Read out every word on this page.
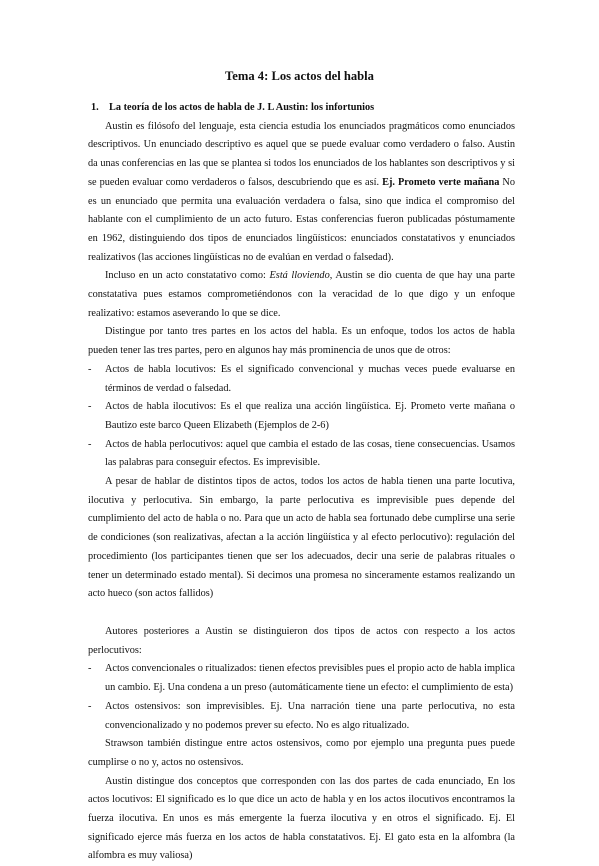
Tema 4: Los actos del habla

1. La teoría de los actos de habla de J. L Austin: los infortunios

Austin es filósofo del lenguaje, esta ciencia estudia los enunciados pragmáticos como enunciados descriptivos. Un enunciado descriptivo es aquel que se puede evaluar como verdadero o falso. Austin da unas conferencias en las que se plantea si todos los enunciados de los hablantes son descriptivos y si se pueden evaluar como verdaderos o falsos, descubriendo que es así. Ej. Prometo verte mañana No es un enunciado que permita una evaluación verdadera o falsa, sino que indica el compromiso del hablante con el cumplimiento de un acto futuro. Estas conferencias fueron publicadas póstumamente en 1962, distinguiendo dos tipos de enunciados lingüísticos: enunciados constatativos y enunciados realizativos (las acciones lingüísticas no de evalúan en verdad o falsedad).

Incluso en un acto constatativo como: Está lloviendo, Austin se dio cuenta de que hay una parte constatativa pues estamos comprometiéndonos con la veracidad de lo que digo y un enfoque realizativo: estamos aseverando lo que se dice.

Distingue por tanto tres partes en los actos del habla. Es un enfoque, todos los actos de habla pueden tener las tres partes, pero en algunos hay más prominencia de unos que de otros:

-	Actos de habla locutivos: Es el significado convencional y muchas veces puede evaluarse en términos de verdad o falsedad.
-	Actos de habla ilocutivos: Es el que realiza una acción lingüística. Ej. Prometo verte mañana o Bautizo este barco Queen Elizabeth (Ejemplos de 2-6)
-	Actos de habla perlocutivos: aquel que cambia el estado de las cosas, tiene consecuencias. Usamos las palabras para conseguir efectos. Es imprevisible.

A pesar de hablar de distintos tipos de actos, todos los actos de habla tienen una parte locutiva, ilocutiva y perlocutiva. Sin embargo, la parte perlocutiva es imprevisible pues depende del cumplimiento del acto de habla o no. Para que un acto de habla sea fortunado debe cumplirse una serie de condiciones (son realizativas, afectan a la acción lingüística y al efecto perlocutivo): regulación del procedimiento (los participantes tienen que ser los adecuados, decir una serie de palabras rituales o tener un determinado estado mental). Si decimos una promesa no sinceramente estamos realizando un acto hueco (son actos fallidos)

Autores posteriores a Austin se distinguieron dos tipos de actos con respecto a los actos perlocutivos:

-	Actos convencionales o ritualizados: tienen efectos previsibles pues el propio acto de habla implica un cambio. Ej. Una condena a un preso (automáticamente tiene un efecto: el cumplimiento de esta)
-	Actos ostensivos: son imprevisibles. Ej. Una narración tiene una parte perlocutiva, no esta convencionalizado y no podemos prever su efecto. No es algo ritualizado.

Strawson también distingue entre actos ostensivos, como por ejemplo una pregunta pues puede cumplirse o no y, actos no ostensivos.

Austin distingue dos conceptos que corresponden con las dos partes de cada enunciado, En los actos locutivos: El significado es lo que dice un acto de habla y en los actos ilocutivos encontramos la fuerza ilocutiva. En unos es más emergente la fuerza ilocutiva y en otros el significado. Ej. El significado ejerce más fuerza en los actos de habla constatativos. Ej. El gato esta en la alfombra (la alfombra es muy valiosa)
